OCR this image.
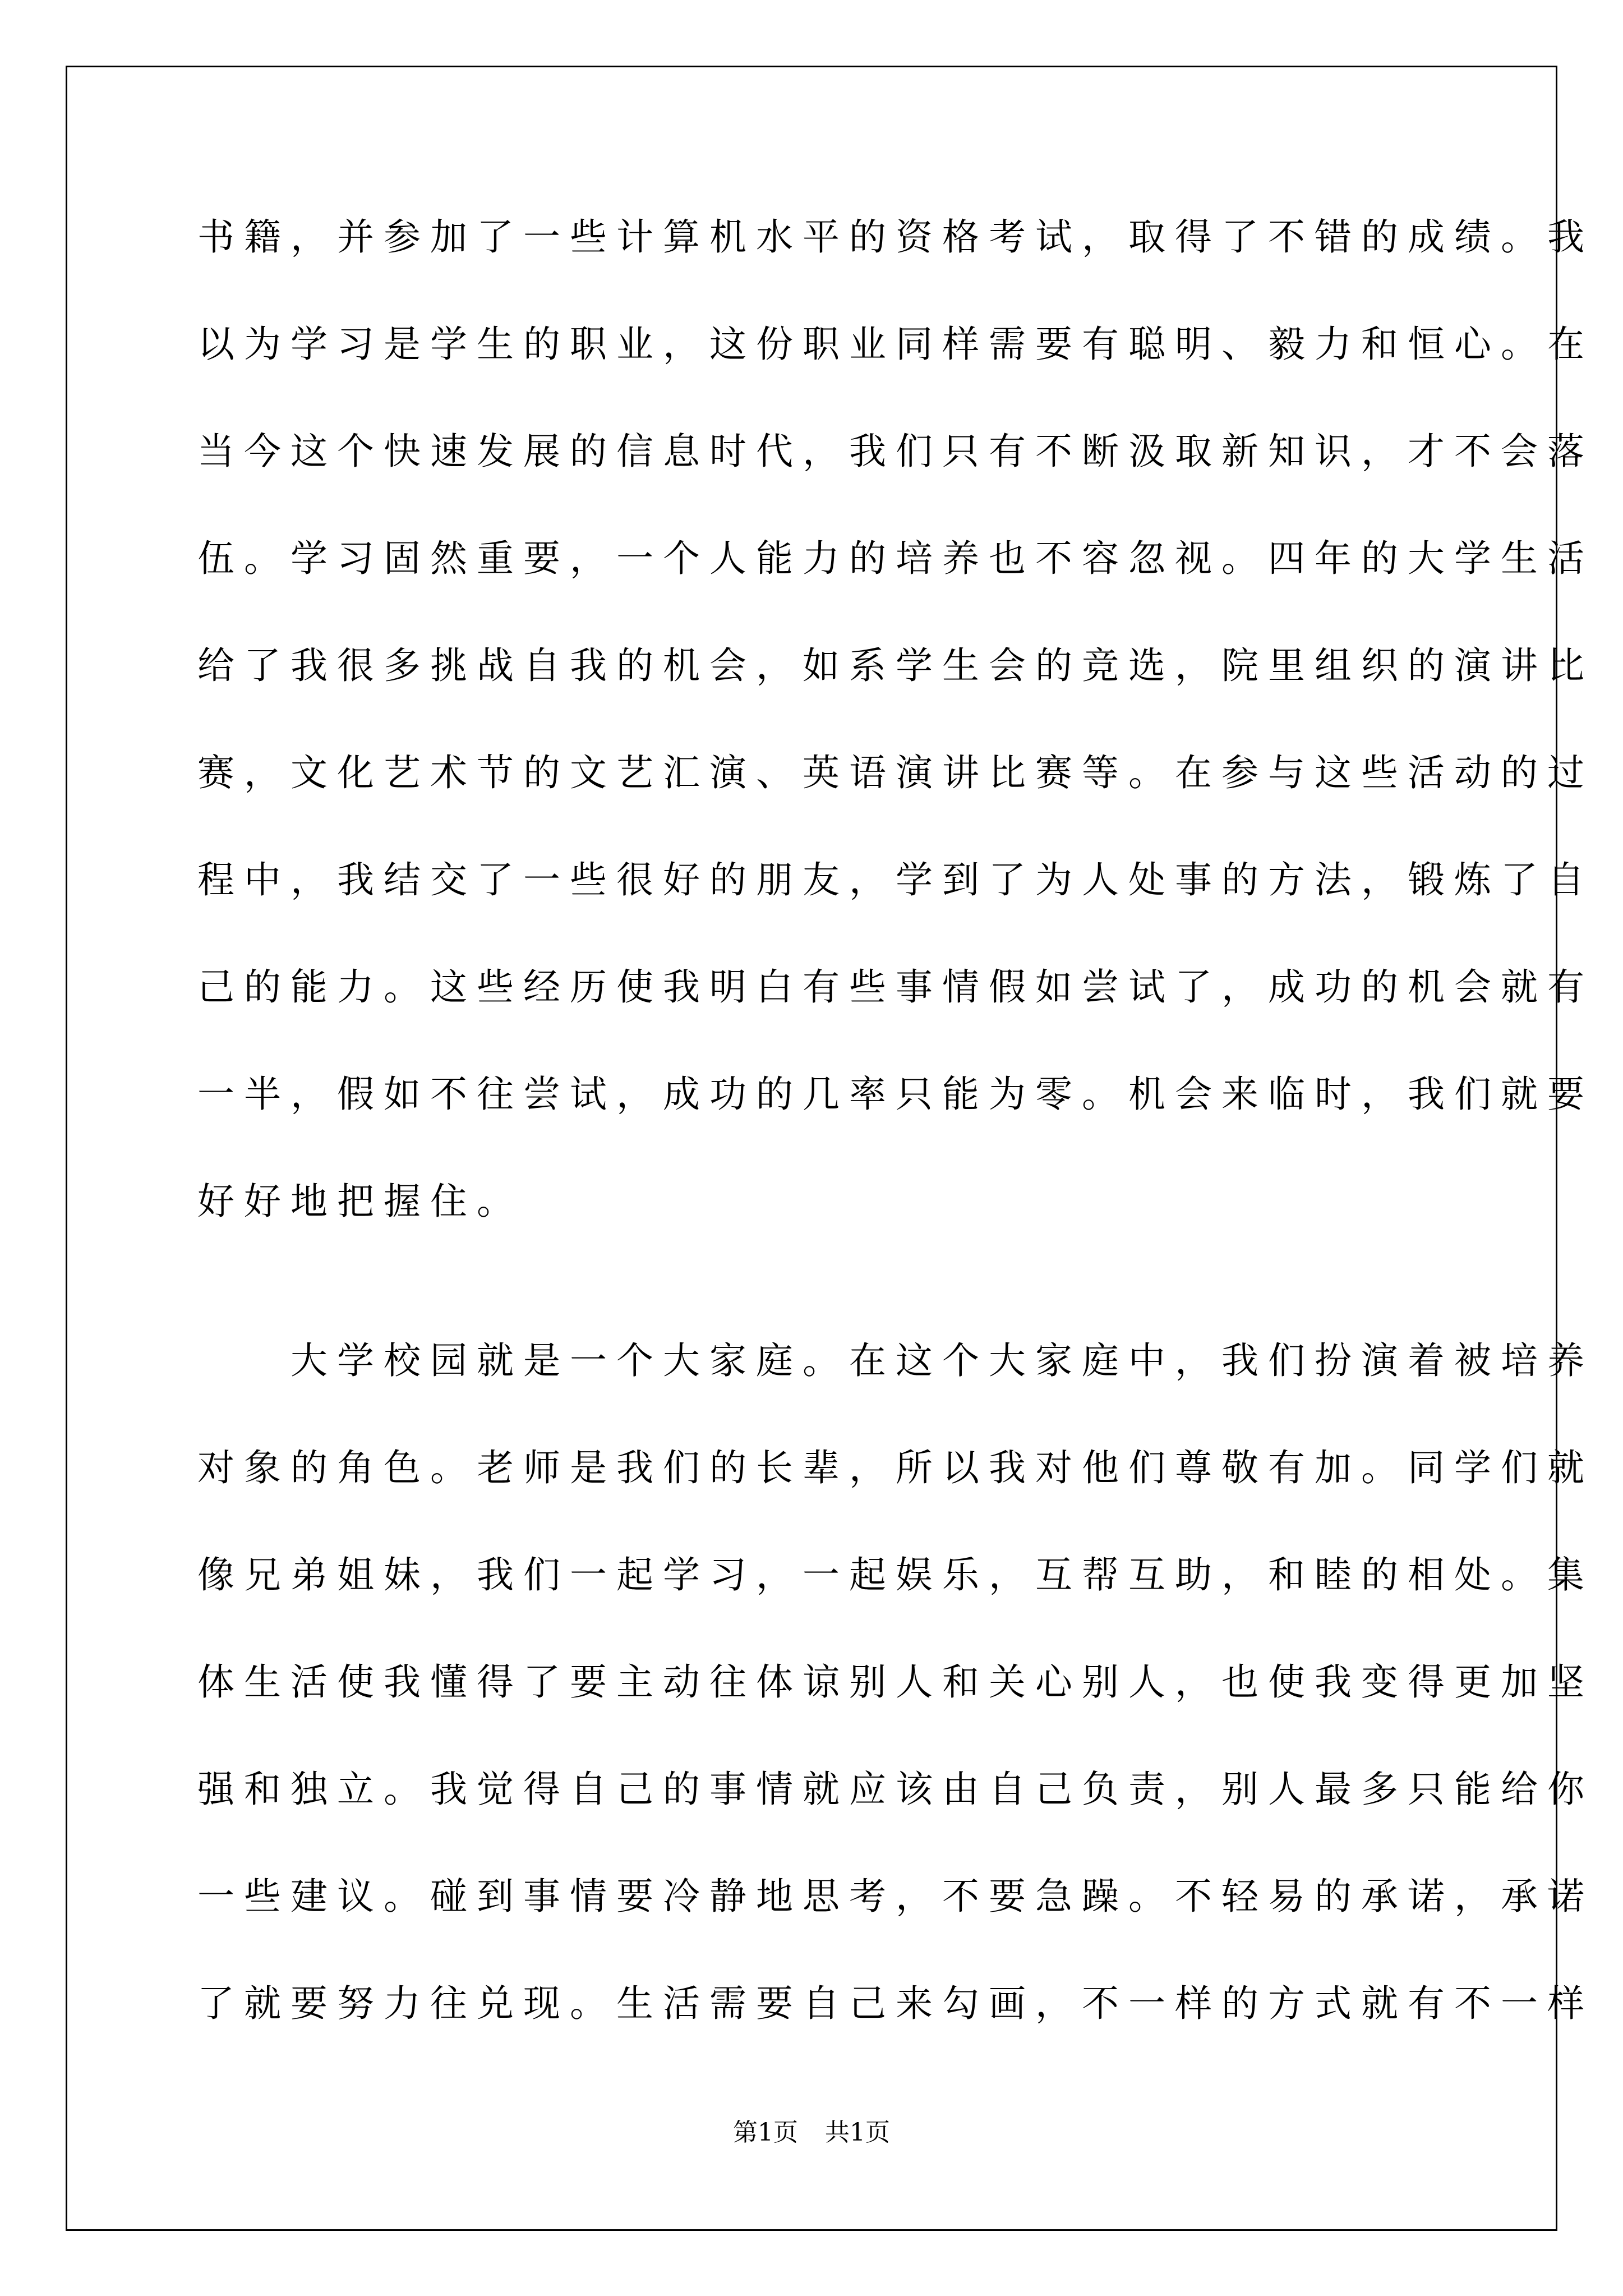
书籍，并参加了一些计算机水平的资格考试，取得了不错的成绩。我
以为学习是学生的职业，这份职业同样需要有聪明、毅力和恒心。在
当今这个快速发展的信息时代，我们只有不断汲取新知识，才不会落
伍。学习固然重要，一个人能力的培养也不容忽视。四年的大学生活
给了我很多挑战自我的机会，如系学生会的竞选，院里组织的演讲比
赛，文化艺术节的文艺汇演、英语演讲比赛等。在参与这些活动的过
程中，我结交了一些很好的朋友，学到了为人处事的方法，锻炼了自
己的能力。这些经历使我明白有些事情假如尝试了，成功的机会就有
一半，假如不往尝试，成功的几率只能为零。机会来临时，我们就要
好好地把握住。
大学校园就是一个大家庭。在这个大家庭中，我们扮演着被培养
对象的角色。老师是我们的长辈，所以我对他们尊敬有加。同学们就
像兄弟姐妹，我们一起学习，一起娱乐，互帮互助，和睦的相处。集
体生活使我懂得了要主动往体谅别人和关心别人，也使我变得更加坚
强和独立。我觉得自己的事情就应该由自己负责，别人最多只能给你
一些建议。碰到事情要冷静地思考，不要急躁。不轻易的承诺，承诺
了就要努力往兑现。生活需要自己来勾画，不一样的方式就有不一样
第1页 共1页
